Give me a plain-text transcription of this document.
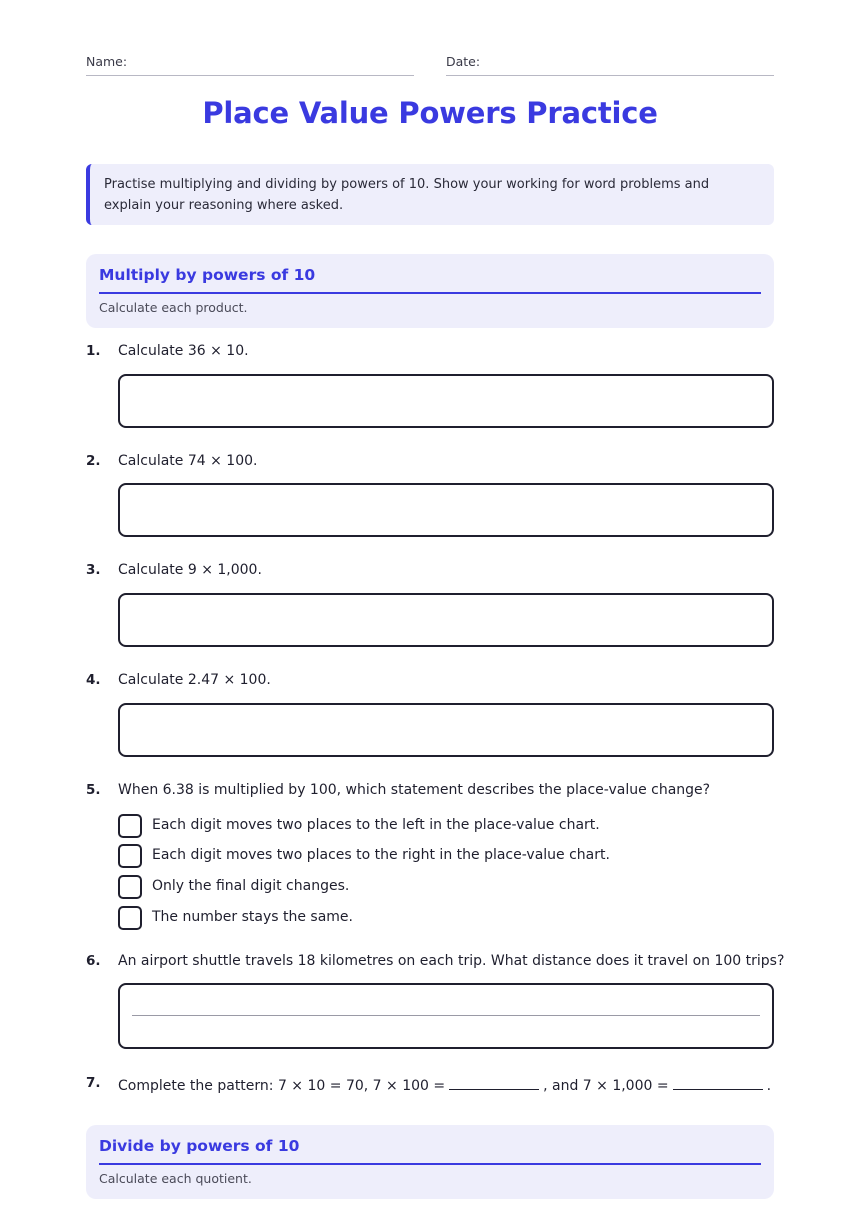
Name:	Date:
Place Value Powers Practice
Practise multiplying and dividing by powers of 10. Show your working for word problems and explain your reasoning where asked.
Multiply by powers of 10
Calculate each product.
1. Calculate 36 × 10.
2. Calculate 74 × 100.
3. Calculate 9 × 1,000.
4. Calculate 2.47 × 100.
5. When 6.38 is multiplied by 100, which statement describes the place-value change?
Each digit moves two places to the left in the place-value chart.
Each digit moves two places to the right in the place-value chart.
Only the final digit changes.
The number stays the same.
6. An airport shuttle travels 18 kilometres on each trip. What distance does it travel on 100 trips?
7. Complete the pattern: 7 × 10 = 70, 7 × 100 =	, and 7 × 1,000 =	.
Divide by powers of 10
Calculate each quotient.
